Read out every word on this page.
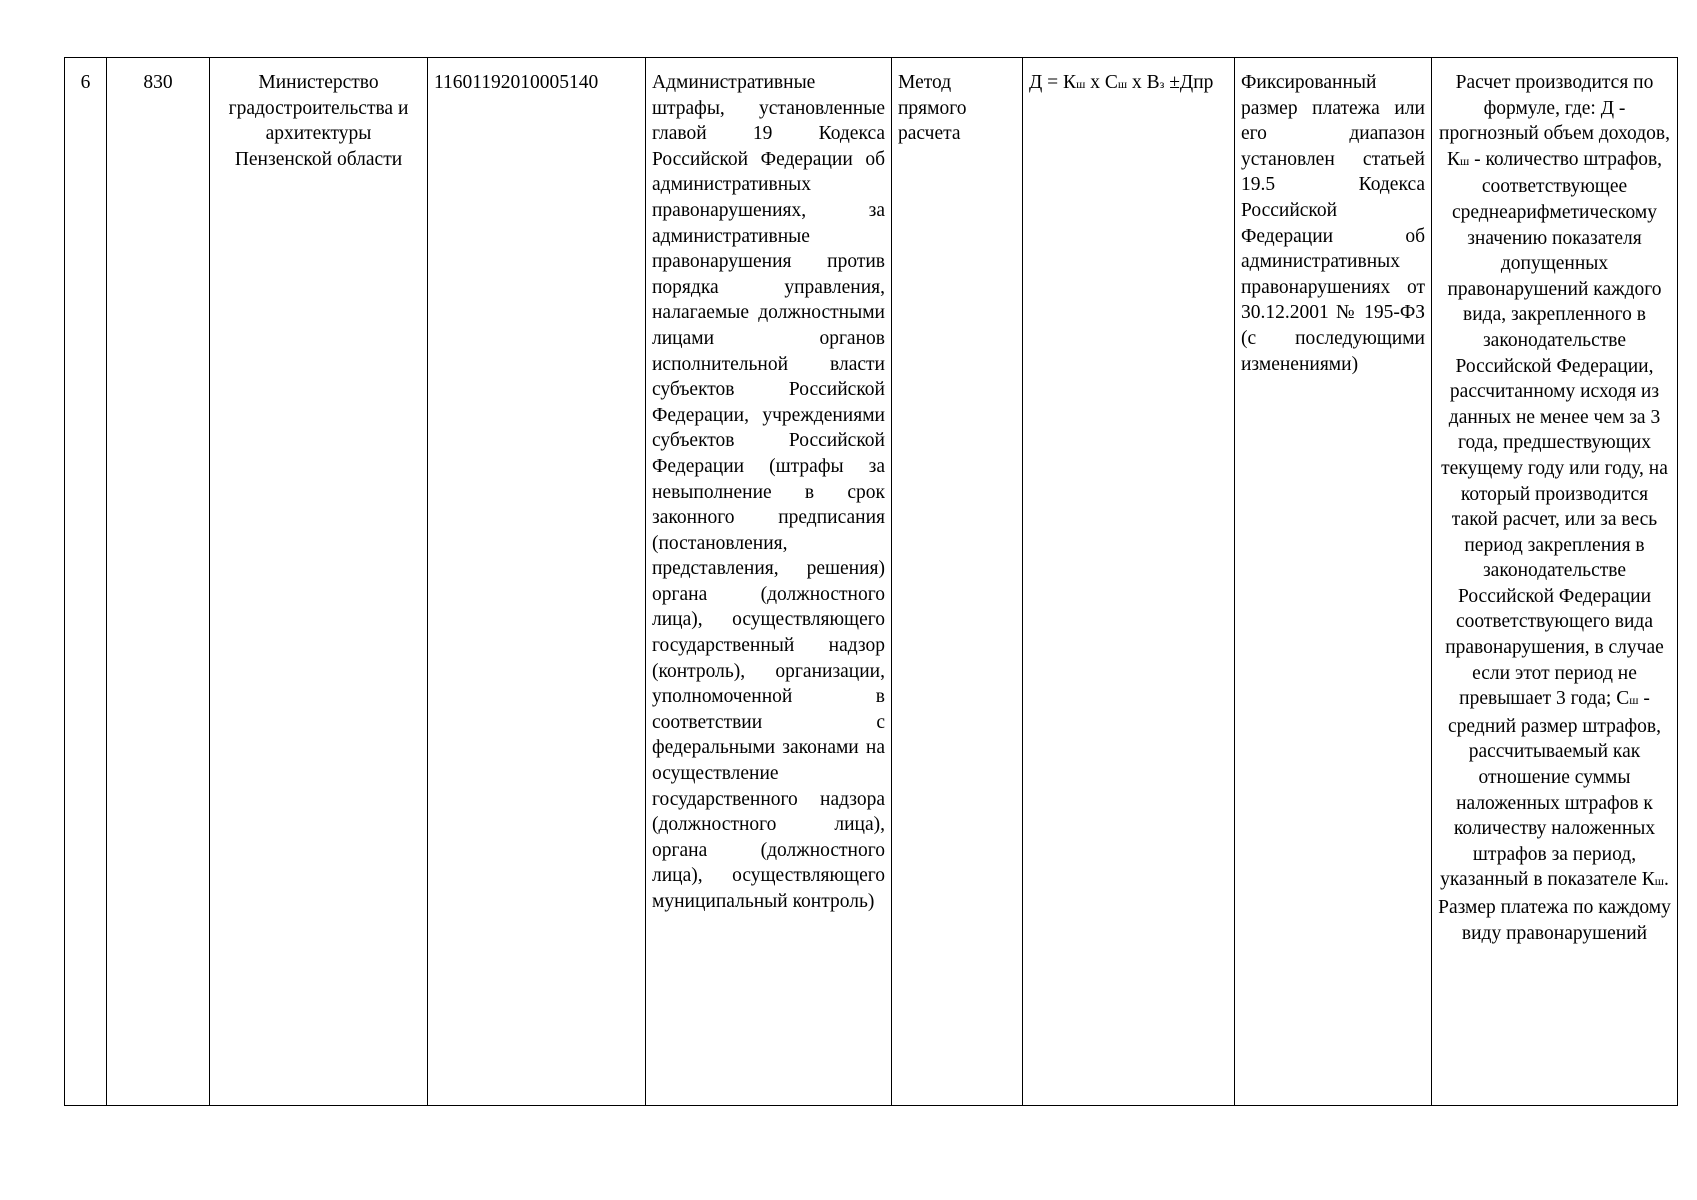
6	830	Министерство градостроительства и архитектуры Пензенской области	11601192010005140	Административные штрафы, установленные главой 19 Кодекса Российской Федерации об административных правонарушениях, за административные правонарушения против порядка управления, налагаемые должностными лицами органов исполнительной власти субъектов Российской Федерации, учреждениями субъектов Российской Федерации (штрафы за невыполнение в срок законного предписания (постановления, представления, решения) органа (должностного лица), осуществляющего государственный надзор (контроль), организации, уполномоченной в соответствии с федеральными законами на осуществление государственного надзора (должностного лица), органа (должностного лица), осуществляющего муниципальный контроль)	Метод прямого расчета	Д = Кш х Сш х Вз ±Дпр	Фиксированный размер платежа или его диапазон установлен статьей 19.5 Кодекса Российской Федерации об административных правонарушениях от 30.12.2001 № 195-ФЗ (с последующими изменениями)	Расчет производится по формуле, где: Д - прогнозный объем доходов, Кш - количество штрафов, соответствующее среднеарифметическому значению показателя допущенных правонарушений каждого вида, закрепленного в законодательстве Российской Федерации, рассчитанному исходя из данных не менее чем за 3 года, предшествующих текущему году или году, на который производится такой расчет, или за весь период закрепления в законодательстве Российской Федерации соответствующего вида правонарушения, в случае если этот период не превышает 3 года; Сш - средний размер штрафов, рассчитываемый как отношение суммы наложенных штрафов к количеству наложенных штрафов за период, указанный в показателе Кш. Размер платежа по каждому виду правонарушений
